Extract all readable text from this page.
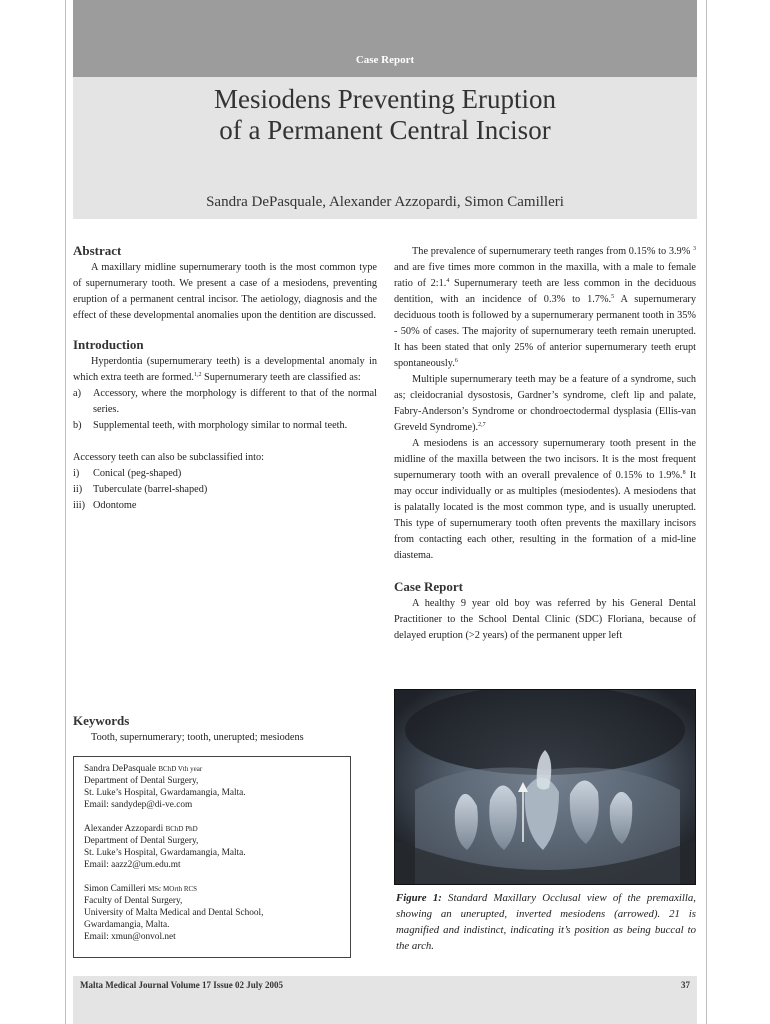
Case Report
Mesiodens Preventing Eruption
of a Permanent Central Incisor
Sandra DePasquale, Alexander Azzopardi, Simon Camilleri
Abstract

A maxillary midline supernumerary tooth is the most common type of supernumerary tooth. We present a case of a mesiodens, preventing eruption of a permanent central incisor. The aetiology, diagnosis and the effect of these developmental anomalies upon the dentition are discussed.

Introduction

Hyperdontia (supernumerary teeth) is a developmental anomaly in which extra teeth are formed.$^{1,2}$ Supernumerary teeth are classified as:

a) Accessory, where the morphology is different to that of the normal series.

b) Supplemental teeth, with morphology similar to normal teeth.

Accessory teeth can also be subclassified into:

i) Conical (peg-shaped)

ii) Tuberculate (barrel-shaped)

iii) Odontome

Keywords

Tooth, supernumerary; tooth, unerupted; mesiodens

Sandra DePasquale BChD Vth year
Department of Dental Surgery,
St. Luke’s Hospital, Gwardamangia, Malta.
Email: sandydep@di-ve.com
Alexander Azzopardi BChD PhD
Department of Dental Surgery,
St. Luke’s Hospital, Gwardamangia, Malta.
Email: aazz2@um.edu.mt
Simon Camilleri MSc MOrth RCS
Faculty of Dental Surgery,
University of Malta Medical and Dental School,
Gwardamangia, Malta.
Email: xmun@onvol.net

The prevalence of supernumerary teeth ranges from 0.15% to 3.9% $^3$ and are five times more common in the maxilla, with a male to female ratio of 2:1.$^4$ Supernumerary teeth are less common in the deciduous dentition, with an incidence of 0.3% to 1.7%.$^5$ A supernumerary deciduous tooth is followed by a supernumerary permanent tooth in 35% - 50% of cases. The majority of supernumerary teeth remain unerupted. It has been stated that only 25% of anterior supernumerary teeth erupt spontaneously.$^6$

Multiple supernumerary teeth may be a feature of a syndrome, such as; cleidocranial dysostosis, Gardner’s syndrome, cleft lip and palate, Fabry-Anderson’s Syndrome or chondroectodermal dysplasia (Ellis-van Greveld Syndrome).$^{2,7}$

A mesiodens is an accessory supernumerary tooth present in the midline of the maxilla between the two incisors. It is the most frequent supernumerary tooth with an overall prevalence of 0.15% to 1.9%.$^8$ It may occur individually or as multiples (mesiodentes). A mesiodens that is palatally located is the most common type, and is usually unerupted. This type of supernumerary tooth often prevents the maxillary incisors from contacting each other, resulting in the formation of a mid-line diastema.

Case Report

A healthy 9 year old boy was referred by his General Dental Practitioner to the School Dental Clinic (SDC) Floriana, because of delayed eruption (>2 years) of the permanent upper left

Figure 1: Standard Maxillary Occlusal view of the premaxilla, showing an unerupted, inverted mesiodens (arrowed). 21 is magnified and indistinct, indicating it’s position as being buccal to the arch.
Malta Medical Journal Volume 17 Issue 02 July 2005	37
